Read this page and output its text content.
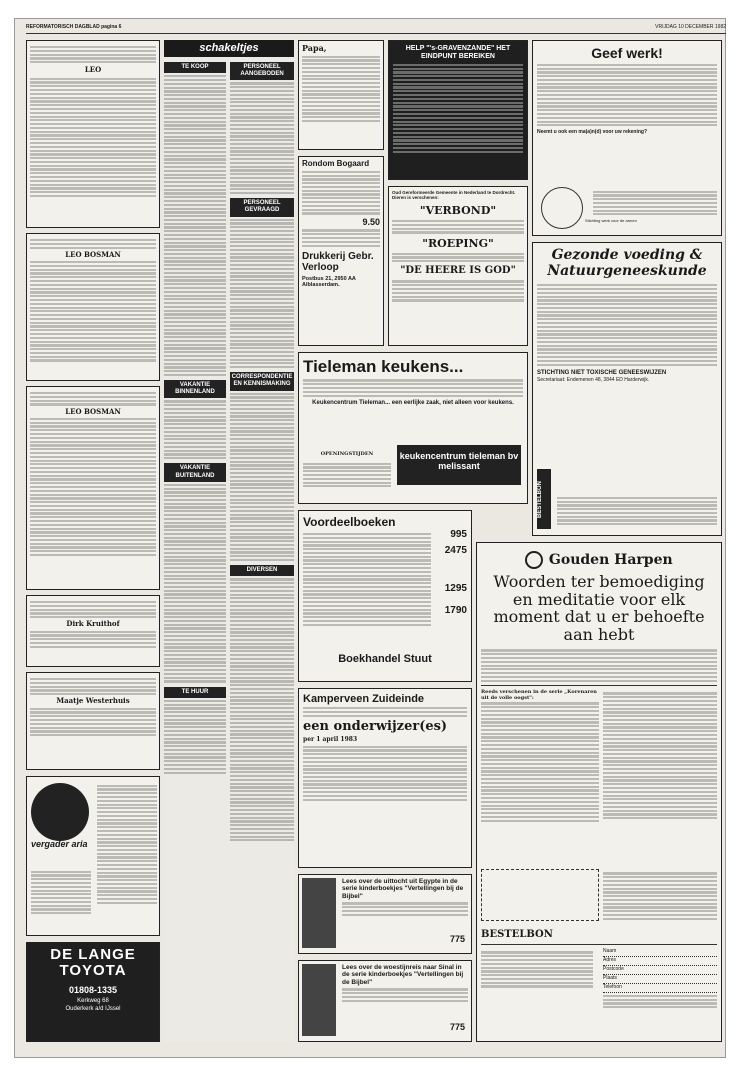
REFORMATORISCH DAGBLAD pagina 6	VRIJDAG 10 DECEMBER 1982
LEO
LEO BOSMAN
LEO BOSMAN
Dirk Kruithof
Maatje Westerhuis
vergader aria
DE LANGE TOYOTA
01808-1335
Kerkweg 68
Ouderkerk a/d IJssel
schakeltjes
TE KOOP
VAKANTIE BINNENLAND
VAKANTIE BUITENLAND
TE HUUR
PERSONEEL AANGEBODEN
PERSONEEL GEVRAAGD
CORRESPONDENTIE EN KENNISMAKING
DIVERSEN
Papa,
Rondom Bogaard
9.50
Drukkerij Gebr. Verloop
Postbus 21, 2950 AA Alblasserdam.
HELP "'s-GRAVENZANDE" HET EINDPUNT BEREIKEN
Oud Gereformeerde Gemeente in Nederland te Dordrecht. Dieren is verschenen:
"VERBOND"
"ROEPING"
"DE HEERE IS GOD"
Geef werk!
Neemt u ook een ma(a)n(d) voor uw rekening?
Stichting werk voor de armen
Gezonde voeding & Natuurgeneeskunde
STICHTING NIET TOXISCHE GENEESWIJZEN
Secretariaat: Endemenen 48, 3844 ED Harderwijk.
BESTELBON
Tieleman keukens...
Keukencentrum Tieleman... een eerlijke zaak, niet alleen voor keukens.
OPENINGSTIJDEN	keukencentrum tieleman bv melissant
Voordeelboeken
995
2475
1295
1790
Boekhandel Stuut
Kamperveen Zuideinde
een onderwijzer(es)
per 1 april 1983
Lees over de uittocht uit Egypte in de serie kinderboekjes "Vertellingen bij de Bijbel"
775
Lees over de woestijnreis naar Sinaï in de serie kinderboekjes "Vertellingen bij de Bijbel"
775
Gouden Harpen
Woorden ter bemoediging en meditatie voor elk moment dat u er behoefte aan hebt
Reeds verschenen in de serie „Korenaren uit de volle oogst":
BESTELBON
Naam
Adres
Postcode
Plaats
Telefoon
